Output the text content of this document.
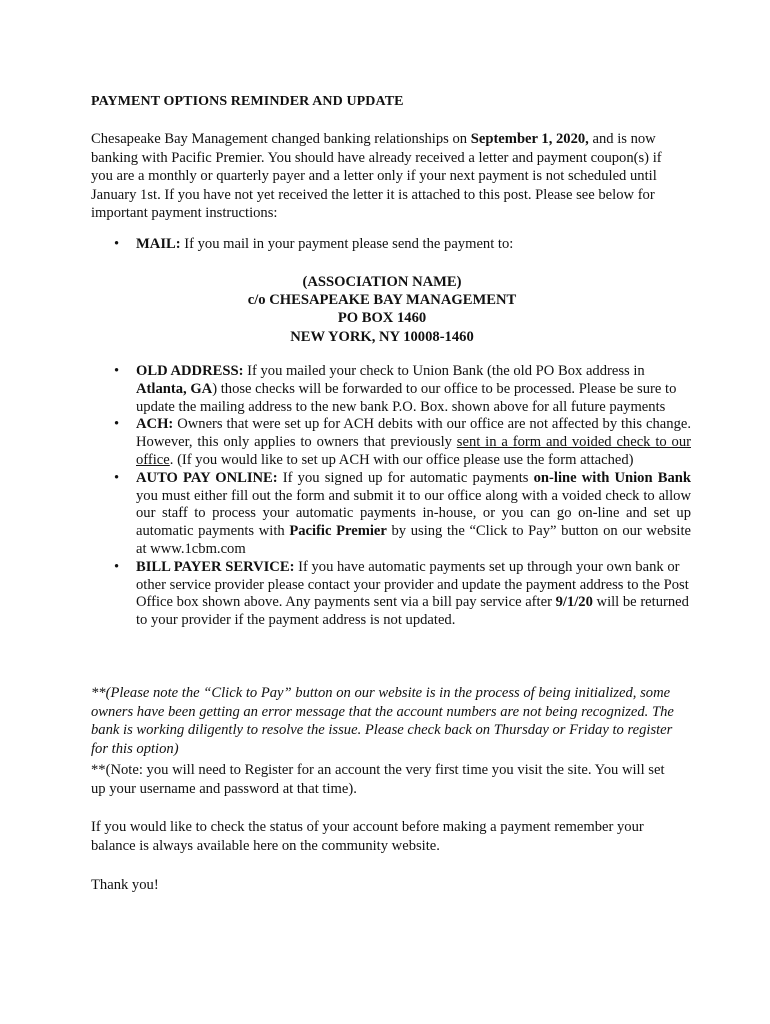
PAYMENT OPTIONS REMINDER AND UPDATE

Chesapeake Bay Management changed banking relationships on September 1, 2020, and is now banking with Pacific Premier. You should have already received a letter and payment coupon(s) if you are a monthly or quarterly payer and a letter only if your next payment is not scheduled until January 1st. If you have not yet received the letter it is attached to this post. Please see below for important payment instructions:

• MAIL: If you mail in your payment please send the payment to:
(ASSOCIATION NAME)
c/o CHESAPEAKE BAY MANAGEMENT
PO BOX 1460
NEW YORK, NY 10008-1460
• OLD ADDRESS: If you mailed your check to Union Bank (the old PO Box address in Atlanta, GA) those checks will be forwarded to our office to be processed. Please be sure to update the mailing address to the new bank P.O. Box. shown above for all future payments
• ACH: Owners that were set up for ACH debits with our office are not affected by this change. However, this only applies to owners that previously sent in a form and voided check to our office. (If you would like to set up ACH with our office please use the form attached)
• AUTO PAY ONLINE: If you signed up for automatic payments on-line with Union Bank you must either fill out the form and submit it to our office along with a voided check to allow our staff to process your automatic payments in-house, or you can go on-line and set up automatic payments with Pacific Premier by using the “Click to Pay” button on our website at www.1cbm.com
• BILL PAYER SERVICE: If you have automatic payments set up through your own bank or other service provider please contact your provider and update the payment address to the Post Office box shown above. Any payments sent via a bill pay service after 9/1/20 will be returned to your provider if the payment address is not updated.

**(Please note the “Click to Pay” button on our website is in the process of being initialized, some owners have been getting an error message that the account numbers are not being recognized. The bank is working diligently to resolve the issue. Please check back on Thursday or Friday to register for this option)

**(Note: you will need to Register for an account the very first time you visit the site. You will set up your username and password at that time).

If you would like to check the status of your account before making a payment remember your balance is always available here on the community website.

Thank you!
